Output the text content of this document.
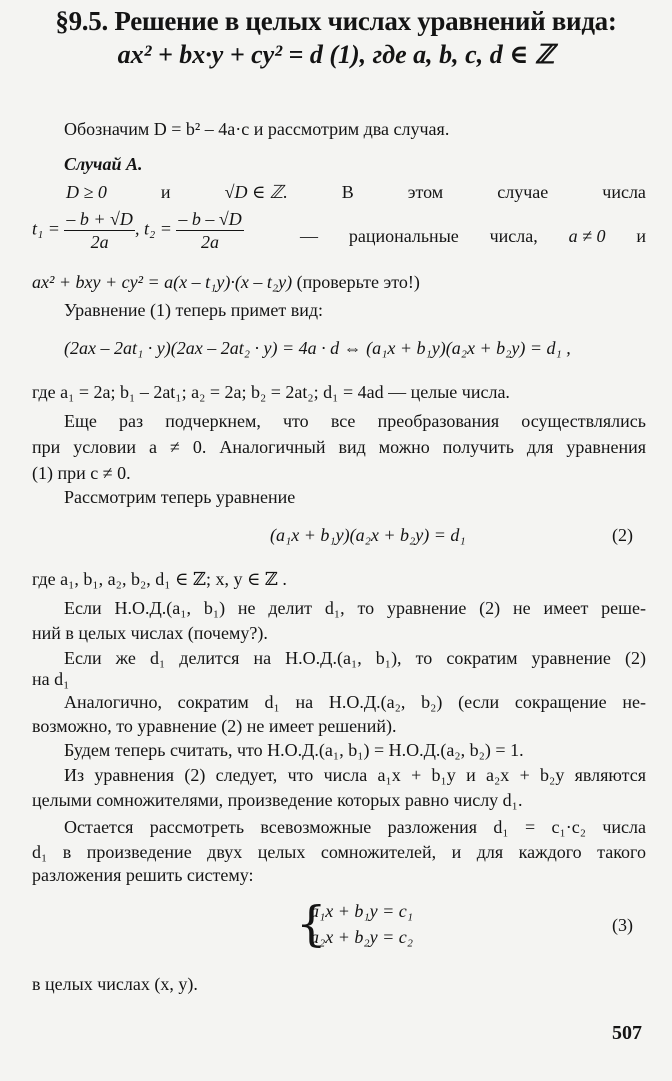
§9.5. Решение в целых числах уравнений вида:
ax² + bx·y + cy² = d (1), где a, b, c, d ∈ ℤ
Обозначим D = b² – 4a·c и рассмотрим два случая.
Случай А.
D ≥ 0	и	√D ∈ ℤ.	В	этом	случае	числа
$t_1 = \frac{- b + √D}{2a}$ , $t_2 = \frac{- b - √D}{2a}$	— рациональные числа, a ≠ 0 и
ax² + bxy + cy² = a(x – t₁y)·(x – t₂y) (проверьте это!)
Уравнение (1) теперь примет вид:
(2ax – 2at₁ · y)(2ax – 2at₂ · y) = 4a · d ⇔ (a₁x + b₁y)(a₂x + b₂y) = d₁ ,
где a₁ = 2a; b₁ – 2at₁; a₂ = 2a; b₂ = 2at₂; d₁ = 4ad — целые числа.
Еще раз подчеркнем, что все преобразования осуществлялись
при условии a ≠ 0. Аналогичный вид можно получить для уравнения
(1) при c ≠ 0.
Рассмотрим теперь уравнение
(a₁x + b₁y)(a₂x + b₂y) = d₁	(2)
где a₁, b₁, a₂, b₂, d₁ ∈ ℤ; x, y ∈ ℤ .
Если Н.О.Д.(a₁, b₁) не делит d₁, то уравнение (2) не имеет реше-
ний в целых числах (почему?).
Если же d₁ делится на Н.О.Д.(a₁, b₁), то сократим уравнение (2)
на d₁
Аналогично, сократим d₁ на Н.О.Д.(a₂, b₂) (если сокращение не-
возможно, то уравнение (2) не имеет решений).
Будем теперь считать, что Н.О.Д.(a₁, b₁) = Н.О.Д.(a₂, b₂) = 1.
Из уравнения (2) следует, что числа a₁x + b₁y и a₂x + b₂y являются
целыми сомножителями, произведение которых равно числу d₁.
Остается рассмотреть всевозможные разложения d₁ = c₁·c₂ числа
d₁ в произведение двух целых сомножителей, и для каждого такого
разложения решить систему:
{
a₁x + b₁y = c₁
a₂x + b₂y = c₂
(3)
в целых числах (x, y).
507
